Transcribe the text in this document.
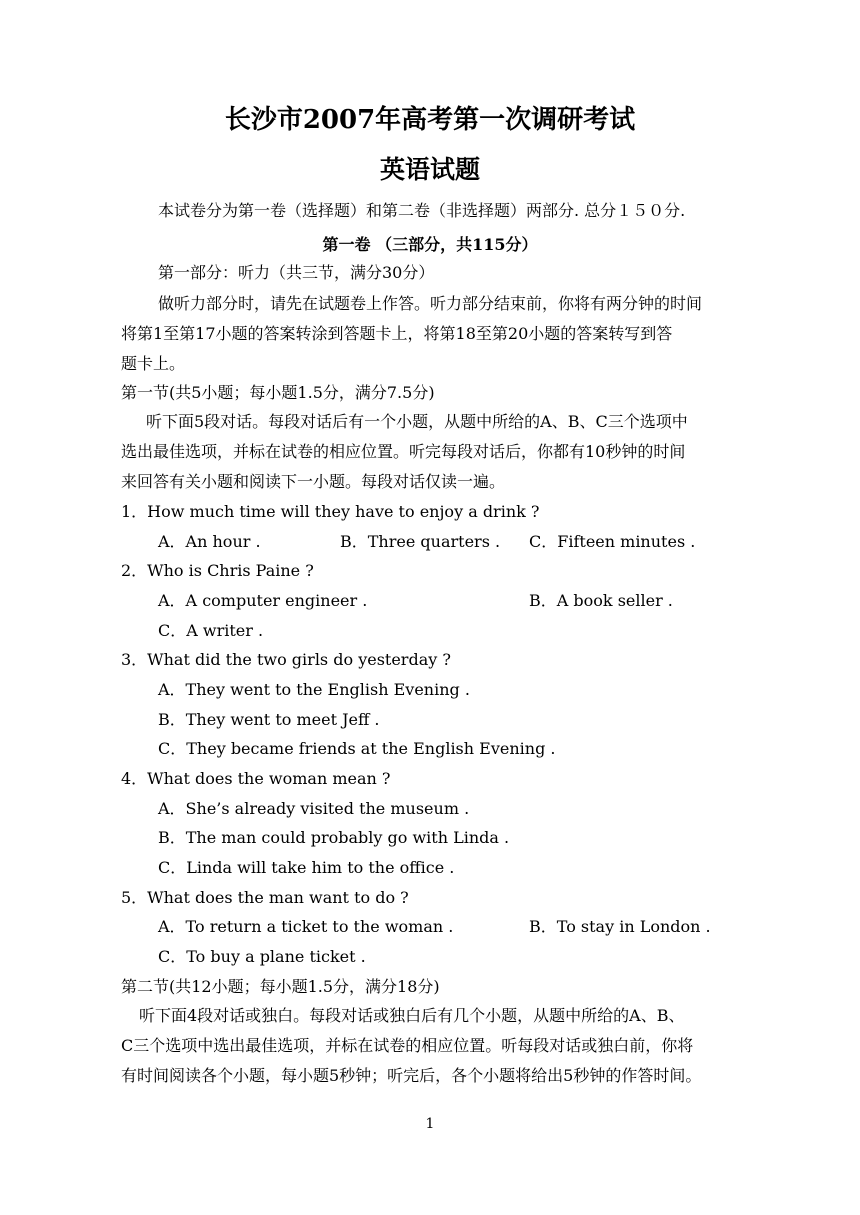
长沙市2007年高考第一次调研考试
英语试题
本试卷分为第一卷（选择题）和第二卷（非选择题）两部分. 总分１５０分.
第一卷 （三部分，共115分）
第一部分：听力（共三节，满分30分）
做听力部分时，请先在试题卷上作答。听力部分结束前，你将有两分钟的时间
将第1至第17小题的答案转涂到答题卡上，将第18至第20小题的答案转写到答
题卡上。
第一节(共5小题；每小题1.5分，满分7.5分)
听下面5段对话。每段对话后有一个小题，从题中所给的A、B、C三个选项中
选出最佳选项，并标在试卷的相应位置。听完每段对话后，你都有10秒钟的时间
来回答有关小题和阅读下一小题。每段对话仅读一遍。
1．How much time will they have to enjoy a drink ?
A．An hour .	B．Three quarters . C．Fifteen minutes .
2．Who is Chris Paine ?
A．A computer engineer .	B．A book seller .
C．A writer .
3．What did the two girls do yesterday ?
A．They went to the English Evening .
B．They went to meet Jeff .
C．They became friends at the English Evening .
4．What does the woman mean ?
A．She’s already visited the museum .
B．The man could probably go with Linda .
C．Linda will take him to the office .
5．What does the man want to do ?
A．To return a ticket to the woman .	B．To stay in London .
C．To buy a plane ticket .
第二节(共12小题；每小题1.5分，满分18分)
听下面4段对话或独白。每段对话或独白后有几个小题，从题中所给的A、B、
C三个选项中选出最佳选项，并标在试卷的相应位置。听每段对话或独白前，你将
有时间阅读各个小题，每小题5秒钟；听完后，各个小题将给出5秒钟的作答时间。
1
